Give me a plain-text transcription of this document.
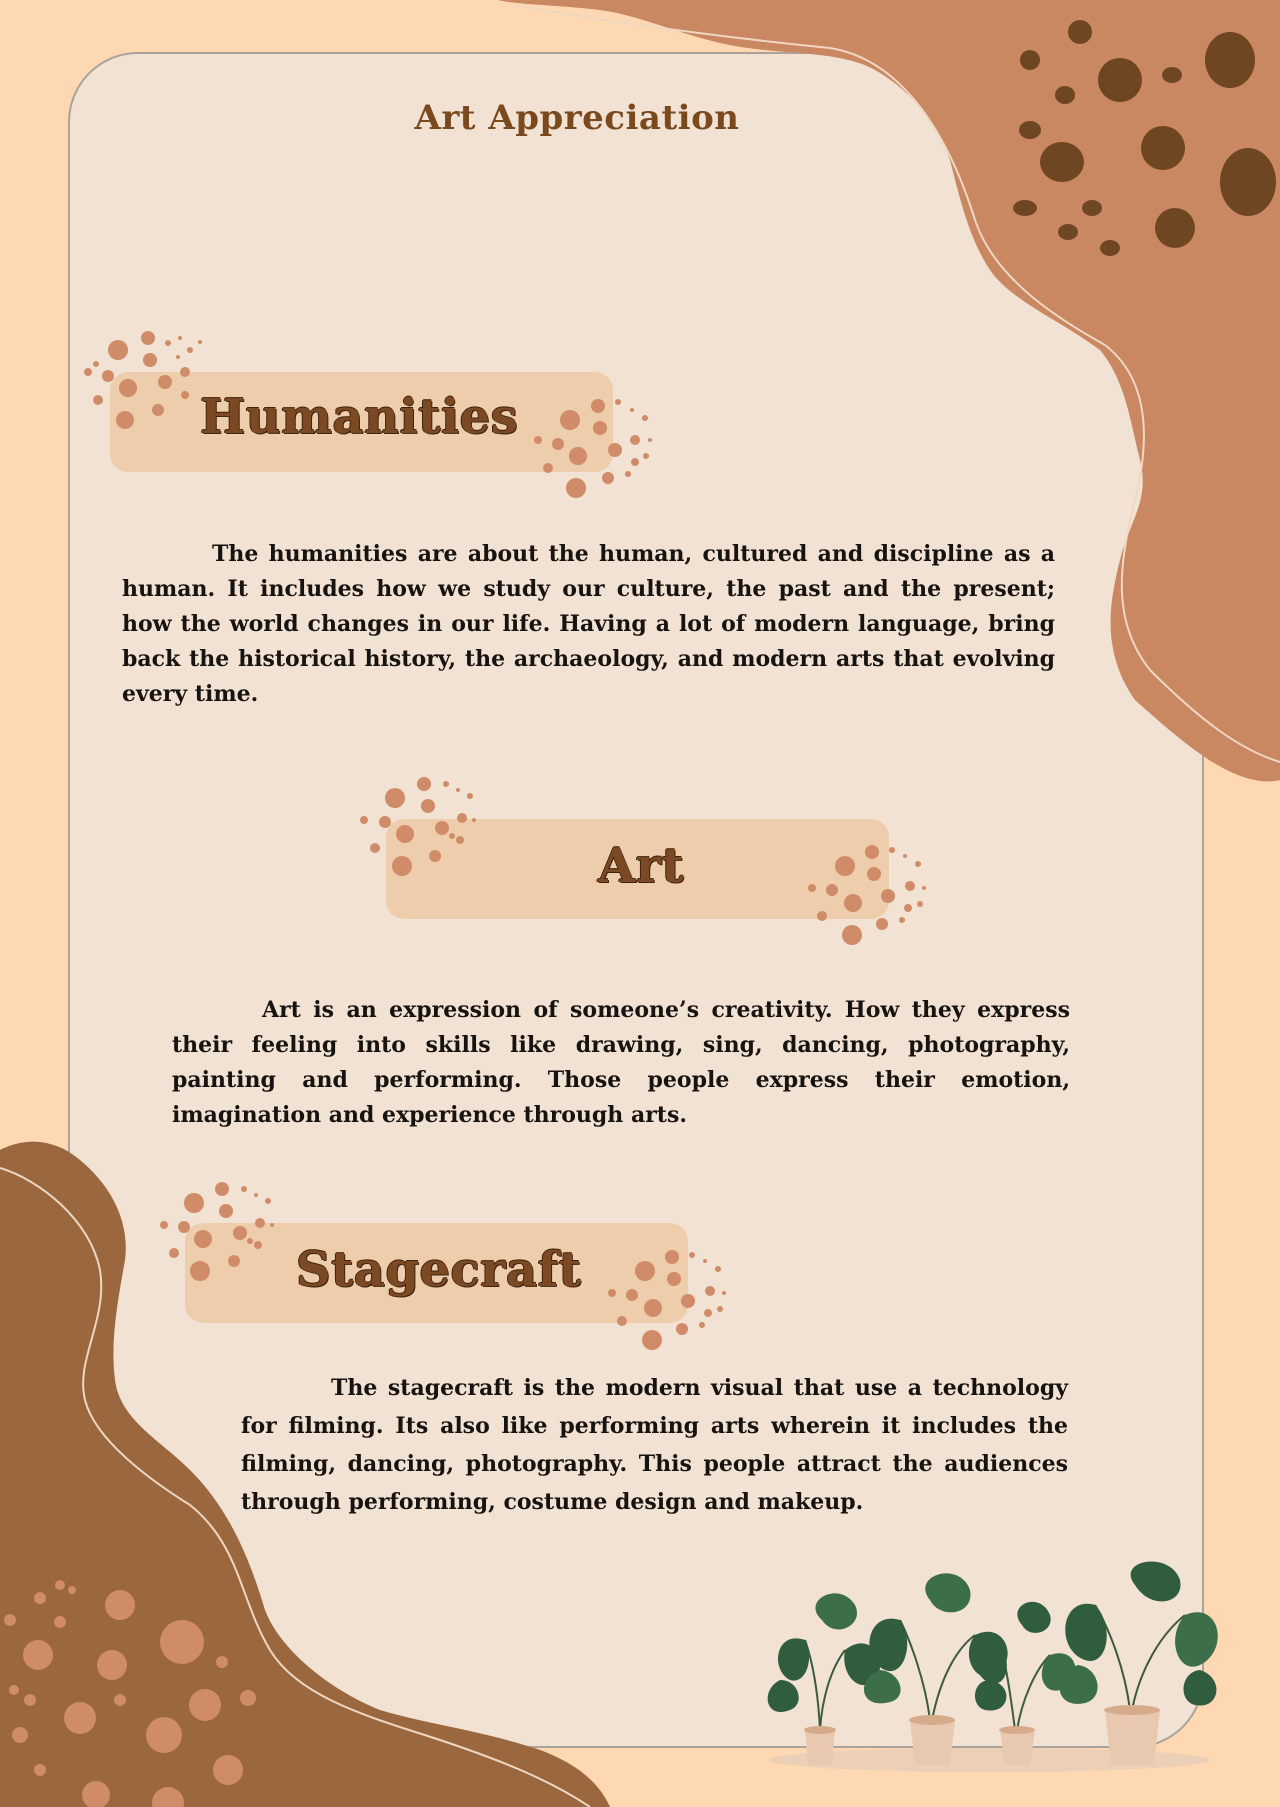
Art Appreciation
Humanities

The humanities are about the human, cultured and discipline as a human. It includes how we study our culture, the past and the present; how the world changes in our life. Having a lot of modern language, bring back the historical history, the archaeology, and modern arts that evolving every time.

Art

Art is an expression of someone’s creativity. How they express their feeling into skills like drawing, sing, dancing, photography, painting and performing. Those people express their emotion, imagination and experience through arts.

Stagecraft

The stagecraft is the modern visual that use a technology for filming. Its also like performing arts wherein it includes the filming, dancing, photography. This people attract the audiences through performing, costume design and makeup.
